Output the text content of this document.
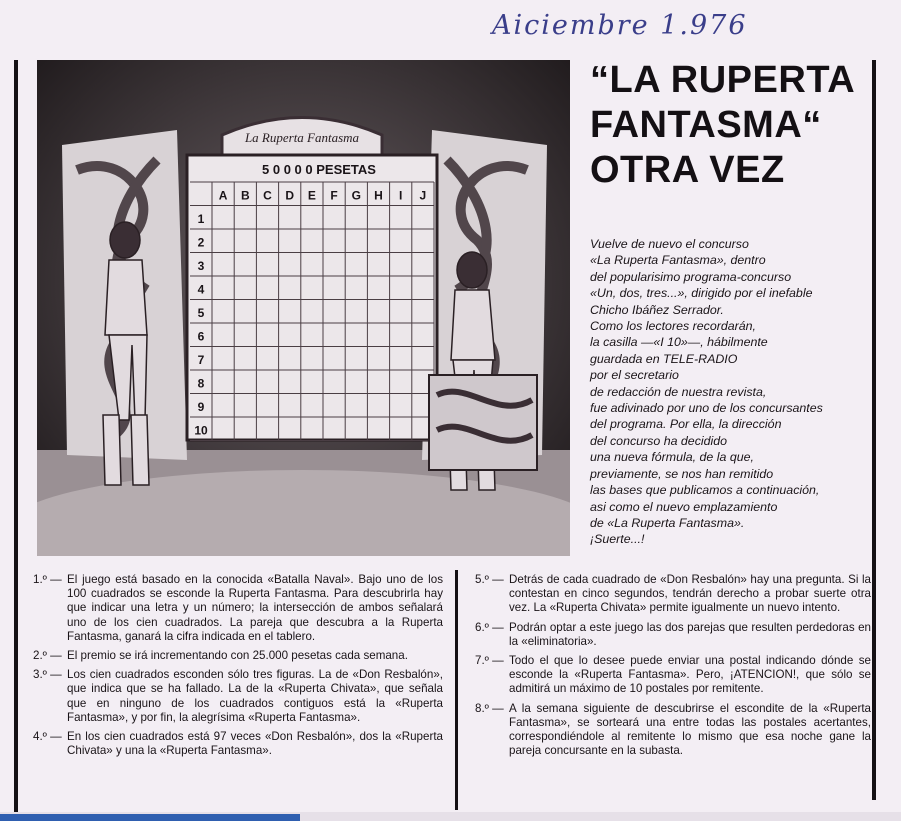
Aiciembre 1.976
La Ruperta Fantasma
5 0 0 0 0 PESETAS
A B C D E F G H I J
1
2
3
4
5
6
7
8
9
10
“LA RUPERTA
FANTASMA“
OTRA VEZ
Vuelve de nuevo el concurso
«La Ruperta Fantasma», dentro
del popularisimo programa-concurso
«Un, dos, tres...», dirigido por el inefable
Chicho Ibáñez Serrador.
Como los lectores recordarán,
la casilla —«I 10»—, hábilmente
guardada en TELE-RADIO
por el secretario
de redacción de nuestra revista,
fue adivinado por uno de los concursantes
del programa. Por ella, la dirección
del concurso ha decidido
una nueva fórmula, de la que,
previamente, se nos han remitido
las bases que publicamos a continuación,
asi como el nuevo emplazamiento
de «La Ruperta Fantasma».
¡Suerte...!
1.º — El juego está basado en la conocida «Batalla Naval». Bajo uno de los 100 cuadrados se esconde la Ruperta Fantasma. Para descubrirla hay que indicar una letra y un número; la intersección de ambos señalará uno de los cien cuadrados. La pareja que descubra a la Ruperta Fantasma, ganará la cifra indicada en el tablero.
2.º — El premio se irá incrementando con 25.000 pesetas cada semana.
3.º — Los cien cuadrados esconden sólo tres figuras. La de «Don Resbalón», que indica que se ha fallado. La de la «Ruperta Chivata», que señala que en ninguno de los cuadrados contiguos está la «Ruperta Fantasma», y por fin, la alegrísima «Ruperta Fantasma».
4.º — En los cien cuadrados está 97 veces «Don Resbalón», dos la «Ruperta Chivata» y una la «Ruperta Fantasma».
5.º — Detrás de cada cuadrado de «Don Resbalón» hay una pregunta. Si la contestan en cinco segundos, tendrán derecho a probar suerte otra vez. La «Ruperta Chivata» permite igualmente un nuevo intento.
6.º — Podrán optar a este juego las dos parejas que resulten perdedoras en la «eliminatoria».
7.º — Todo el que lo desee puede enviar una postal indicando dónde se esconde la «Ruperta Fantasma». Pero, ¡ATENCION!, que sólo se admitirá un máximo de 10 postales por remitente.
8.º — A la semana siguiente de descubrirse el escondite de la «Ruperta Fantasma», se sorteará una entre todas las postales acertantes, correspondiéndole al remitente lo mismo que esa noche gane la pareja concursante en la subasta.
